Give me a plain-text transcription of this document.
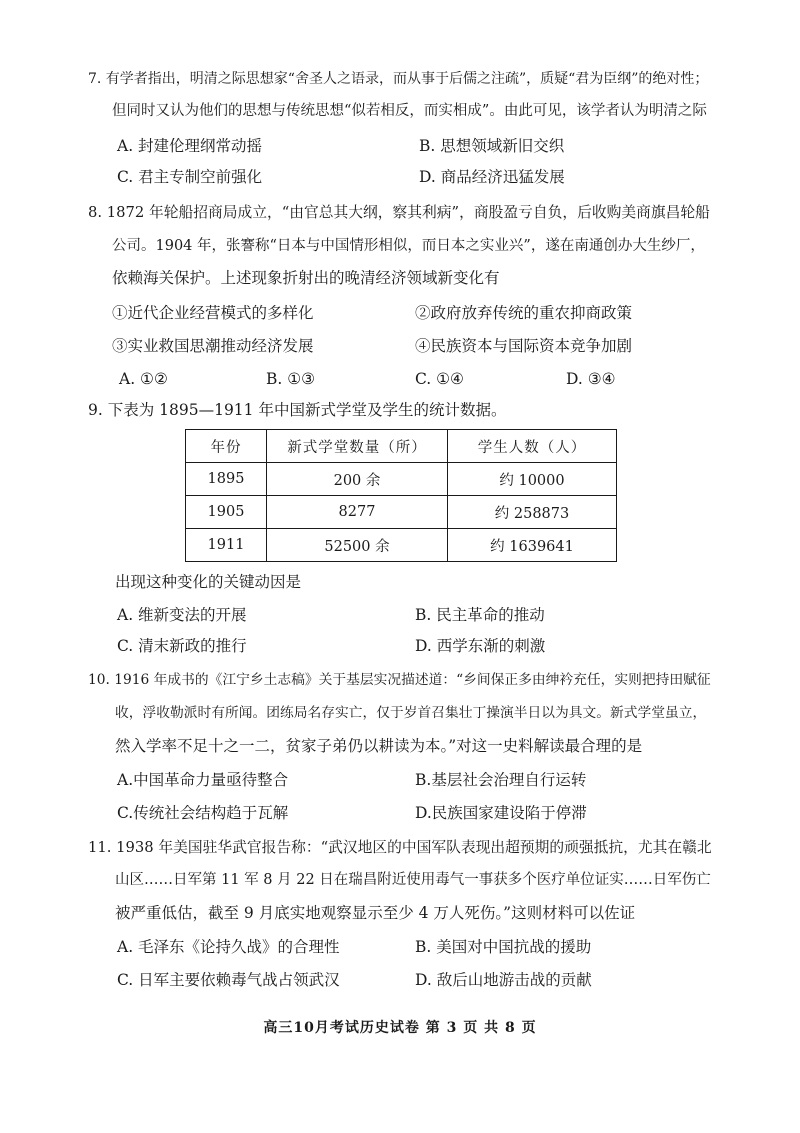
7. 有学者指出，明清之际思想家“舍圣人之语录，而从事于后儒之注疏”，质疑“君为臣纲”的绝对性；
但同时又认为他们的思想与传统思想“似若相反，而实相成”。由此可见，该学者认为明清之际
A. 封建伦理纲常动摇	B. 思想领域新旧交织
C. 君主专制空前强化	D. 商品经济迅猛发展
8. 1872 年轮船招商局成立，“由官总其大纲，察其利病”，商股盈亏自负，后收购美商旗昌轮船
公司。1904 年，张謇称“日本与中国情形相似，而日本之实业兴”，遂在南通创办大生纱厂，
依赖海关保护。上述现象折射出的晚清经济领域新变化有
①近代企业经营模式的多样化	②政府放弃传统的重农抑商政策
③实业救国思潮推动经济发展	④民族资本与国际资本竞争加剧
A. ①②	B. ①③	C. ①④	D. ③④
9. 下表为 1895—1911 年中国新式学堂及学生的统计数据。
年份	新式学堂数量（所）	学生人数（人）
1895	200 余	约 10000
1905	8277	约 258873
1911	52500 余	约 1639641
出现这种变化的关键动因是
A. 维新变法的开展	B. 民主革命的推动
C. 清末新政的推行	D. 西学东渐的刺激
10. 1916 年成书的《江宁乡土志稿》关于基层实况描述道：“乡间保正多由绅衿充任，实则把持田赋征
收，浮收勒派时有所闻。团练局名存实亡，仅于岁首召集壮丁操演半日以为具文。新式学堂虽立，
然入学率不足十之一二，贫家子弟仍以耕读为本。”对这一史料解读最合理的是
A.中国革命力量亟待整合	B.基层社会治理自行运转
C.传统社会结构趋于瓦解	D.民族国家建设陷于停滞
11. 1938 年美国驻华武官报告称：“武汉地区的中国军队表现出超预期的顽强抵抗，尤其在赣北
山区……日军第 11 军 8 月 22 日在瑞昌附近使用毒气一事获多个医疗单位证实……日军伤亡
被严重低估，截至 9 月底实地观察显示至少 4 万人死伤。”这则材料可以佐证
A. 毛泽东《论持久战》的合理性	B. 美国对中国抗战的援助
C. 日军主要依赖毒气战占领武汉	D. 敌后山地游击战的贡献
高三10月考试历史试卷 第 3 页 共 8 页
